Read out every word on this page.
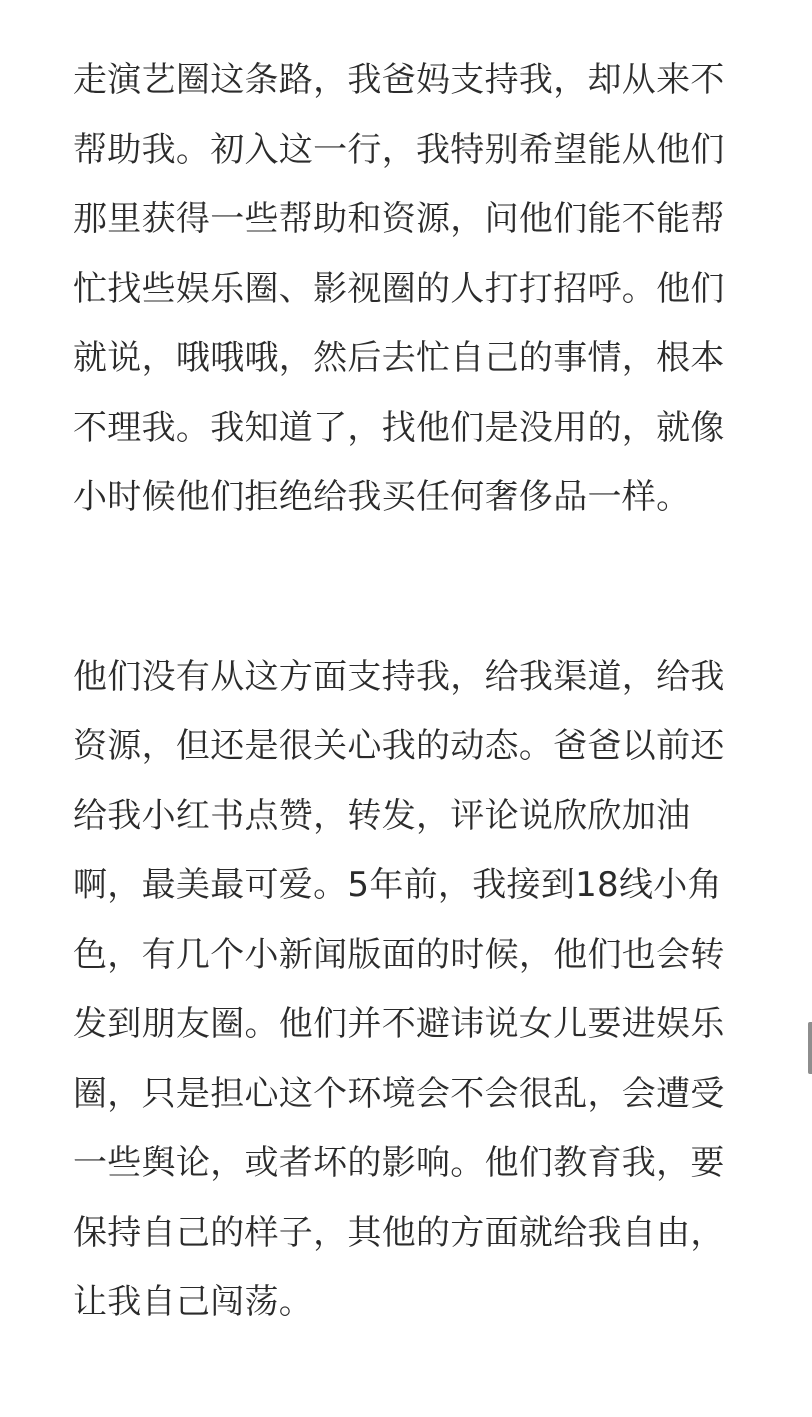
走演艺圈这条路，我爸妈支持我，却从来不
帮助我。初入这一行，我特别希望能从他们
那里获得一些帮助和资源，问他们能不能帮
忙找些娱乐圈、影视圈的人打打招呼。他们
就说，哦哦哦，然后去忙自己的事情，根本
不理我。我知道了，找他们是没用的，就像
小时候他们拒绝给我买任何奢侈品一样。
他们没有从这方面支持我，给我渠道，给我
资源，但还是很关心我的动态。爸爸以前还
给我小红书点赞，转发，评论说欣欣加油
啊，最美最可爱。5年前，我接到18线小角
色，有几个小新闻版面的时候，他们也会转
发到朋友圈。他们并不避讳说女儿要进娱乐
圈，只是担心这个环境会不会很乱，会遭受
一些舆论，或者坏的影响。他们教育我，要
保持自己的样子，其他的方面就给我自由，
让我自己闯荡。
